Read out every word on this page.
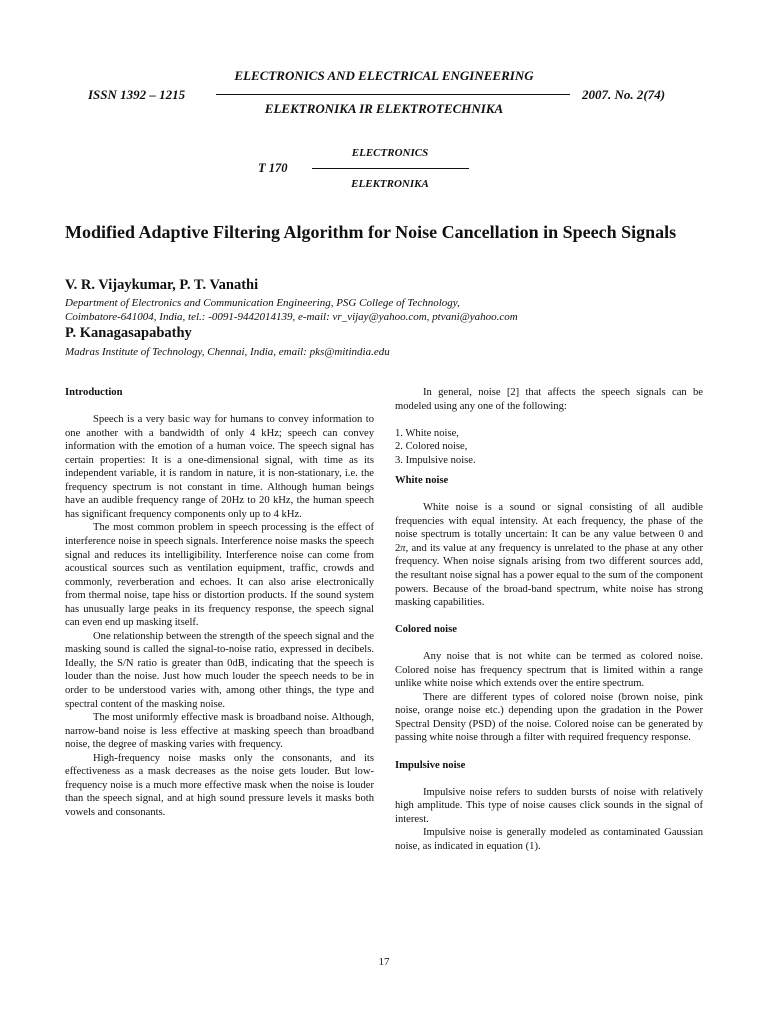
ELECTRONICS AND ELECTRICAL ENGINEERING
ISSN 1392 – 1215	2007. No. 2(74)
ELEKTRONIKA IR ELEKTROTECHNIKA
ELECTRONICS
T 170
ELEKTRONIKA
Modified Adaptive Filtering Algorithm for Noise Cancellation in Speech Signals
V. R. Vijaykumar, P. T. Vanathi
Department of Electronics and Communication Engineering, PSG College of Technology,
Coimbatore-641004, India, tel.: -0091-9442014139, e-mail: vr_vijay@yahoo.com, ptvani@yahoo.com
P. Kanagasapabathy
Madras Institute of Technology, Chennai, India, email: pks@mitindia.edu

Introduction

Speech is a very basic way for humans to convey information to one another with a bandwidth of only 4 kHz; speech can convey information with the emotion of a human voice. The speech signal has certain properties: It is a one-dimensional signal, with time as its independent variable, it is random in nature, it is non-stationary, i.e. the frequency spectrum is not constant in time. Although human beings have an audible frequency range of 20Hz to 20 kHz, the human speech has significant frequency components only up to 4 kHz.

The most common problem in speech processing is the effect of interference noise in speech signals. Interference noise masks the speech signal and reduces its intelligibility. Interference noise can come from acoustical sources such as ventilation equipment, traffic, crowds and commonly, reverberation and echoes. It can also arise electronically from thermal noise, tape hiss or distortion products. If the sound system has unusually large peaks in its frequency response, the speech signal can even end up masking itself.

One relationship between the strength of the speech signal and the masking sound is called the signal-to-noise ratio, expressed in decibels. Ideally, the S/N ratio is greater than 0dB, indicating that the speech is louder than the noise. Just how much louder the speech needs to be in order to be understood varies with, among other things, the type and spectral content of the masking noise.

The most uniformly effective mask is broadband noise. Although, narrow-band noise is less effective at masking speech than broadband noise, the degree of masking varies with frequency.

High-frequency noise masks only the consonants, and its effectiveness as a mask decreases as the noise gets louder. But low-frequency noise is a much more effective mask when the noise is louder than the speech signal, and at high sound pressure levels it masks both vowels and consonants.

In general, noise [2] that affects the speech signals can be modeled using any one of the following:

1. White noise,

2. Colored noise,

3. Impulsive noise.

White noise

White noise is a sound or signal consisting of all audible frequencies with equal intensity. At each frequency, the phase of the noise spectrum is totally uncertain: It can be any value between 0 and 2π, and its value at any frequency is unrelated to the phase at any other frequency. When noise signals arising from two different sources add, the resultant noise signal has a power equal to the sum of the component powers. Because of the broad-band spectrum, white noise has strong masking capabilities.

Colored noise

Any noise that is not white can be termed as colored noise. Colored noise has frequency spectrum that is limited within a range unlike white noise which extends over the entire spectrum.

There are different types of colored noise (brown noise, pink noise, orange noise etc.) depending upon the gradation in the Power Spectral Density (PSD) of the noise. Colored noise can be generated by passing white noise through a filter with required frequency response.

Impulsive noise

Impulsive noise refers to sudden bursts of noise with relatively high amplitude. This type of noise causes click sounds in the signal of interest.

Impulsive noise is generally modeled as contaminated Gaussian noise, as indicated in equation (1).

17
